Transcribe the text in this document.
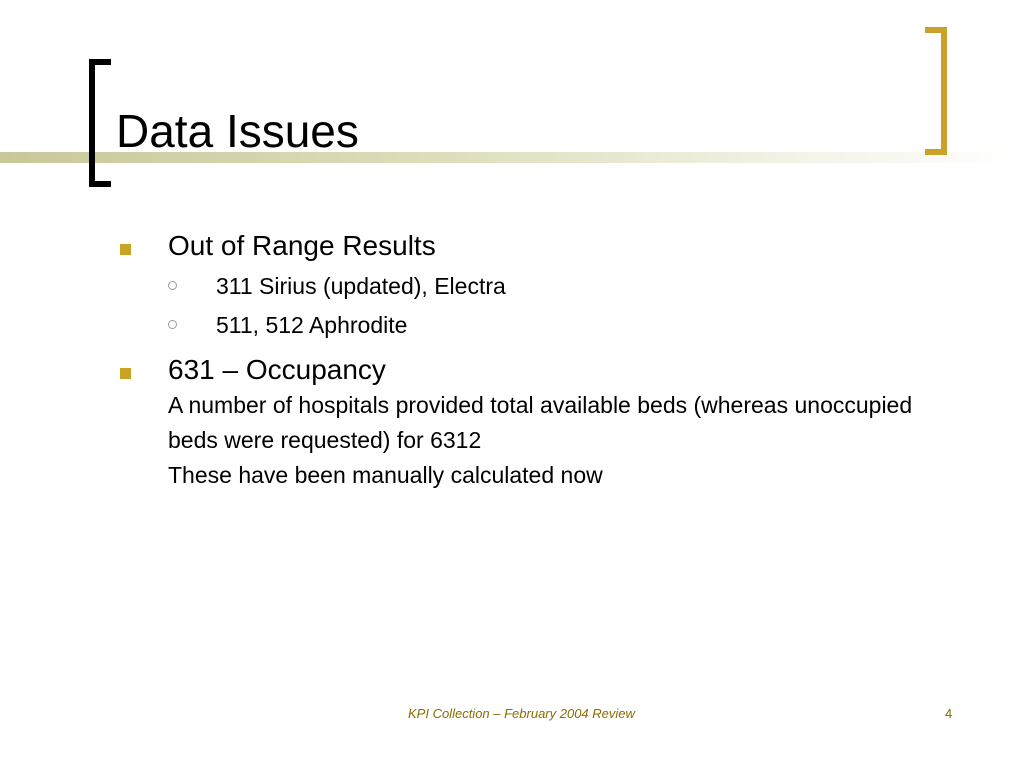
Data Issues
Out of Range Results
311 Sirius (updated), Electra
511, 512 Aphrodite
631 – Occupancy
A number of hospitals provided total available beds (whereas unoccupied beds were requested) for 6312
These have been manually calculated now
KPI Collection – February 2004 Review	4
